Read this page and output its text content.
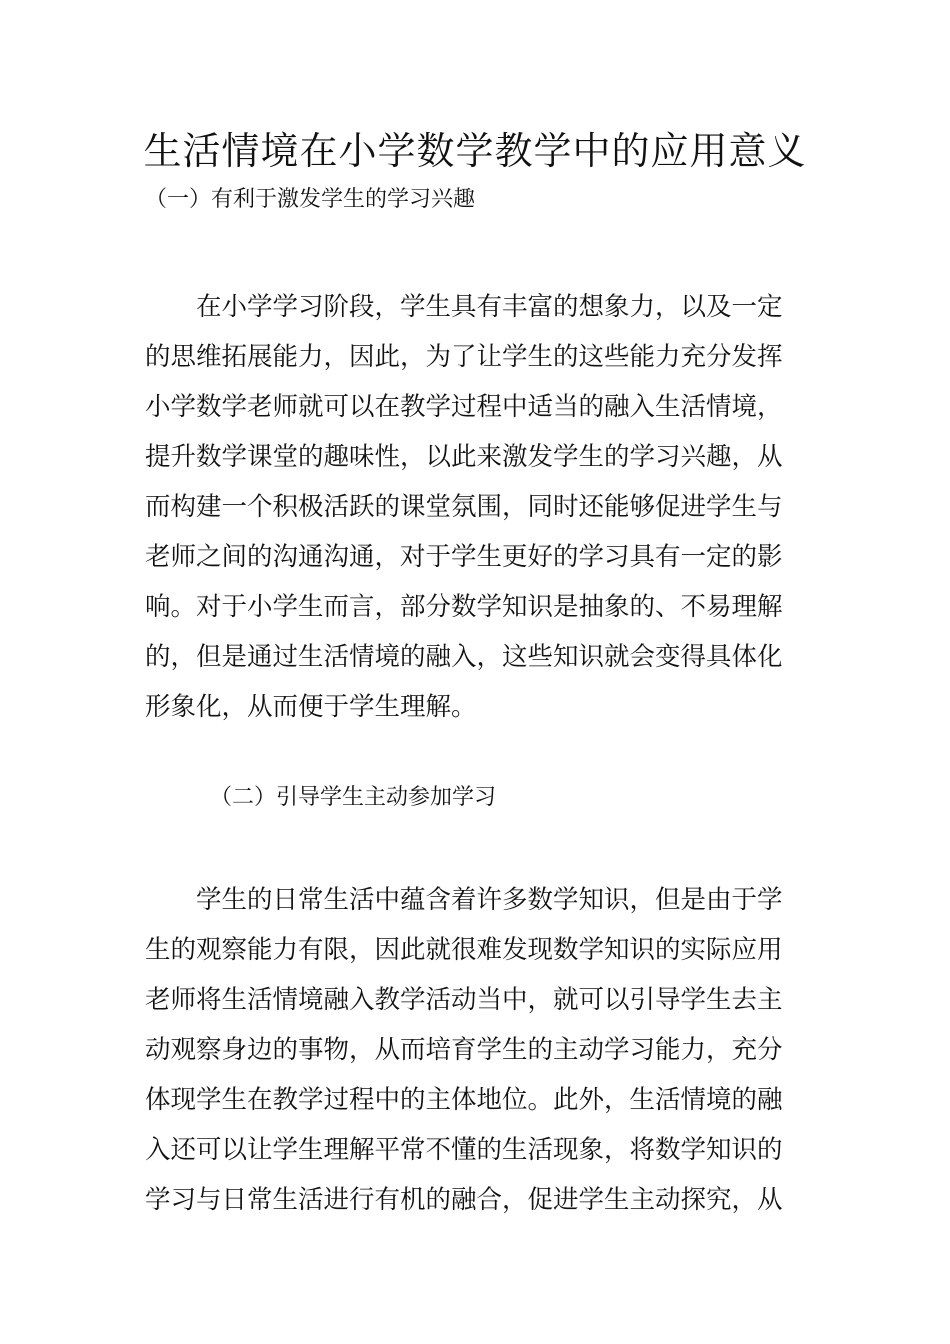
生活情境在小学数学教学中的应用意义
（一）有利于激发学生的学习兴趣
　　在小学学习阶段，学生具有丰富的想象力，以及一定
的思维拓展能力，因此，为了让学生的这些能力充分发挥
小学数学老师就可以在教学过程中适当的融入生活情境，
提升数学课堂的趣味性，以此来激发学生的学习兴趣，从
而构建一个积极活跃的课堂氛围，同时还能够促进学生与
老师之间的沟通沟通，对于学生更好的学习具有一定的影
响。对于小学生而言，部分数学知识是抽象的、不易理解
的，但是通过生活情境的融入，这些知识就会变得具体化
形象化，从而便于学生理解。
（二）引导学生主动参加学习
　　学生的日常生活中蕴含着许多数学知识，但是由于学
生的观察能力有限，因此就很难发现数学知识的实际应用
老师将生活情境融入教学活动当中，就可以引导学生去主
动观察身边的事物，从而培育学生的主动学习能力，充分
体现学生在教学过程中的主体地位。此外，生活情境的融
入还可以让学生理解平常不懂的生活现象，将数学知识的
学习与日常生活进行有机的融合，促进学生主动探究，从
